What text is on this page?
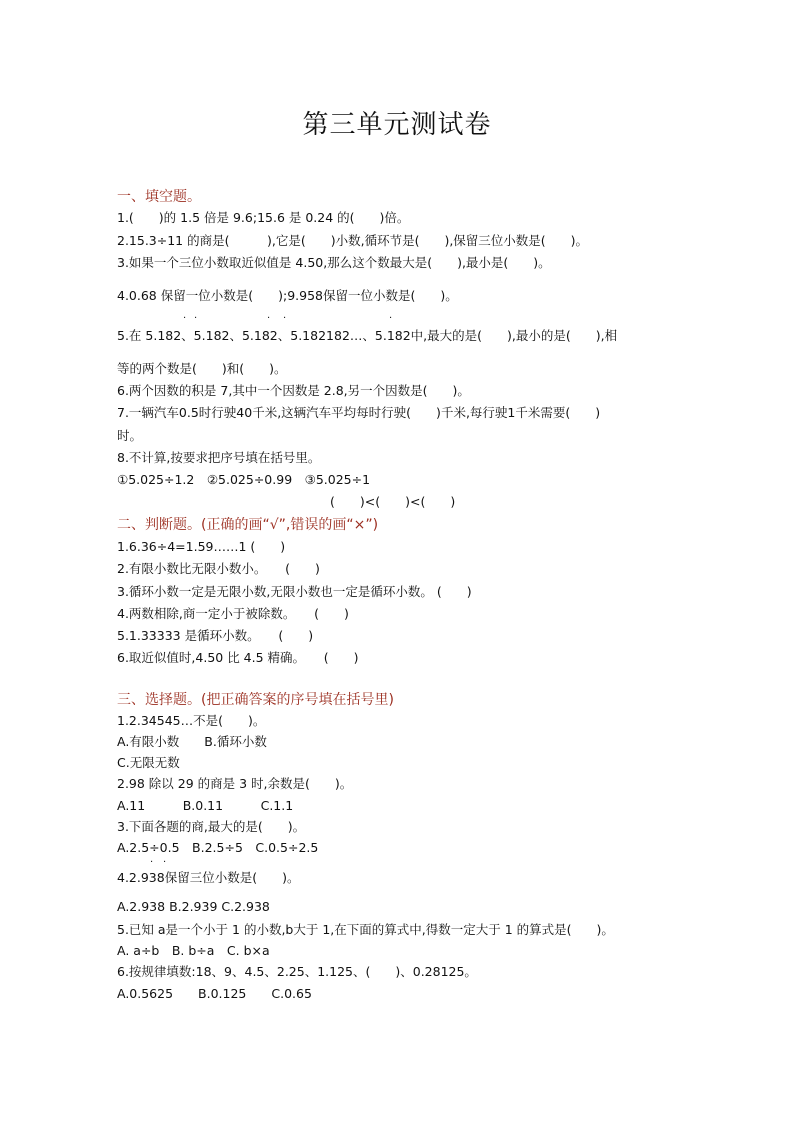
第三单元测试卷
一、填空题。
1.(　　)的 1.5 倍是 9.6;15.6 是 0.24 的(　　)倍。
2.15.3÷11 的商是(　　　),它是(　　)小数,循环节是(　　),保留三位小数是(　　)。
3.如果一个三位小数取近似值是 4.50,那么这个数最大是(　　),最小是(　　)。
4.0.68 保留一位小数是(　　);9.958保留一位小数是(　　)。
· ·	· ·	·
5.在 5.182、5.182、5.182、5.182182…、5.182中,最大的是(　　),最小的是(　　),相
等的两个数是(　　)和(　　)。
6.两个因数的积是 7,其中一个因数是 2.8,另一个因数是(　　)。
7.一辆汽车0.5时行驶40千米,这辆汽车平均每时行驶(　　)千米,每行驶1千米需要(　　)
时。
8.不计算,按要求把序号填在括号里。
①5.025÷1.2　②5.025÷0.99　③5.025÷1
(　　)<(　　)<(　　)
二、判断题。(正确的画“√”,错误的画“×”)
1.6.36÷4=1.59……1 (　　)
2.有限小数比无限小数小。　　(　　)
3.循环小数一定是无限小数,无限小数也一定是循环小数。 (　　)
4.两数相除,商一定小于被除数。　　(　　)
5.1.33333 是循环小数。　　(　　)
6.取近似值时,4.50 比 4.5 精确。　　(　　)
三、选择题。(把正确答案的序号填在括号里)
1.2.34545…不是(　　)。
A.有限小数　　B.循环小数
C.无限无数
2.98 除以 29 的商是 3 时,余数是(　　)。
A.11　　　B.0.11　　　C.1.1
3.下面各题的商,最大的是(　　)。
A.2.5÷0.5　B.2.5÷5　C.0.5÷2.5
· ·
4.2.938保留三位小数是(　　)。
A.2.938 B.2.939 C.2.938
5.已知 a是一个小于 1 的小数,b大于 1,在下面的算式中,得数一定大于 1 的算式是(　　)。
A. a÷b　B. b÷a　C. b×a
6.按规律填数:18、9、4.5、2.25、1.125、(　　)、0.28125。
A.0.5625　　B.0.125　　C.0.65
